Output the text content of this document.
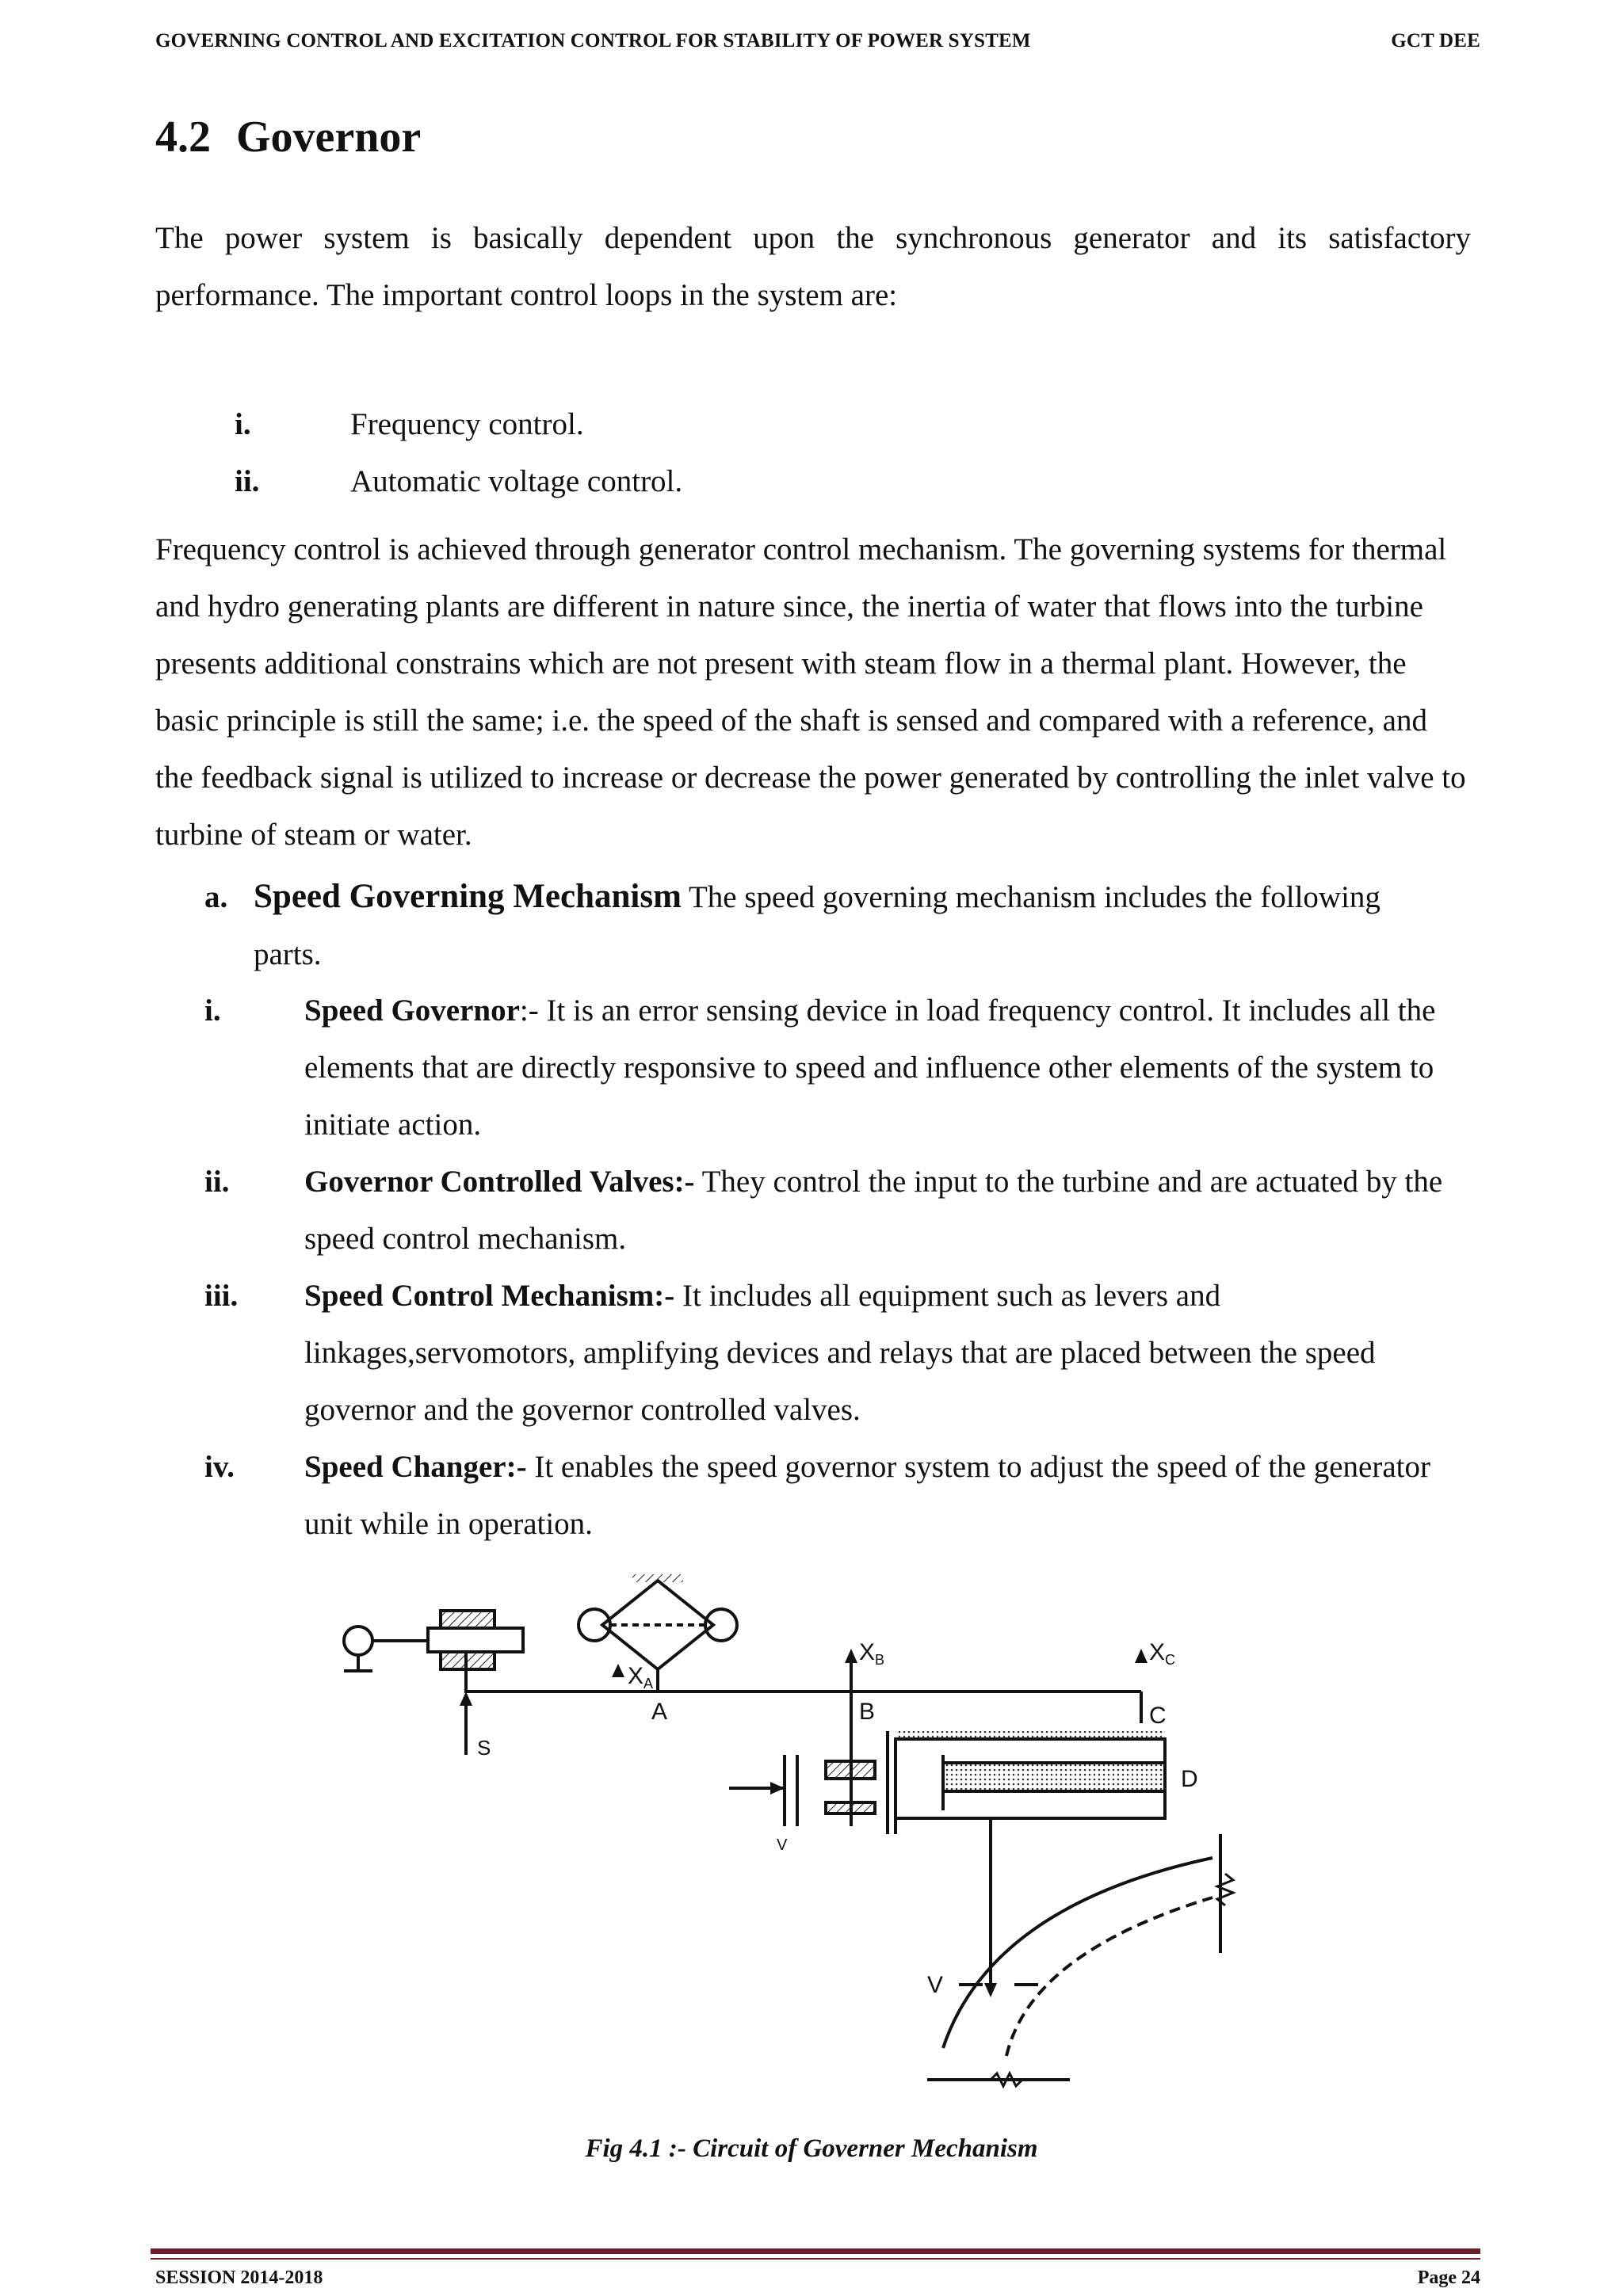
GOVERNING CONTROL AND EXCITATION CONTROL FOR STABILITY OF POWER SYSTEM	GCT DEE
4.2 Governor

The power system is basically dependent upon the synchronous generator and its satisfactory performance. The important control loops in the system are:

i.	Frequency control.
ii.	Automatic voltage control.

Frequency control is achieved through generator control mechanism. The governing systems for thermal and hydro generating plants are different in nature since, the inertia of water that flows into the turbine presents additional constrains which are not present with steam flow in a thermal plant. However, the basic principle is still the same; i.e. the speed of the shaft is sensed and compared with a reference, and the feedback signal is utilized to increase or decrease the power generated by controlling the inlet valve to turbine of steam or water.

a. Speed Governing Mechanism The speed governing mechanism includes the following
parts.
i.	Speed Governor:- It is an error sensing device in load frequency control. It includes all the elements that are directly responsive to speed and influence other elements of the system to initiate action.
ii.	Governor Controlled Valves:- They control the input to the turbine and are actuated by the speed control mechanism.
iii.	Speed Control Mechanism:- It includes all equipment such as levers and linkages,servomotors, amplifying devices and relays that are placed between the speed governor and the governor controlled valves.
iv.	Speed Changer:- It enables the speed governor system to adjust the speed of the generator unit while in operation.
$X_A$
A
$X_B$	$X_C$
B	C
D
S
V
V
Fig 4.1 :- Circuit of Governer Mechanism
SESSION 2014-2018	Page 24
